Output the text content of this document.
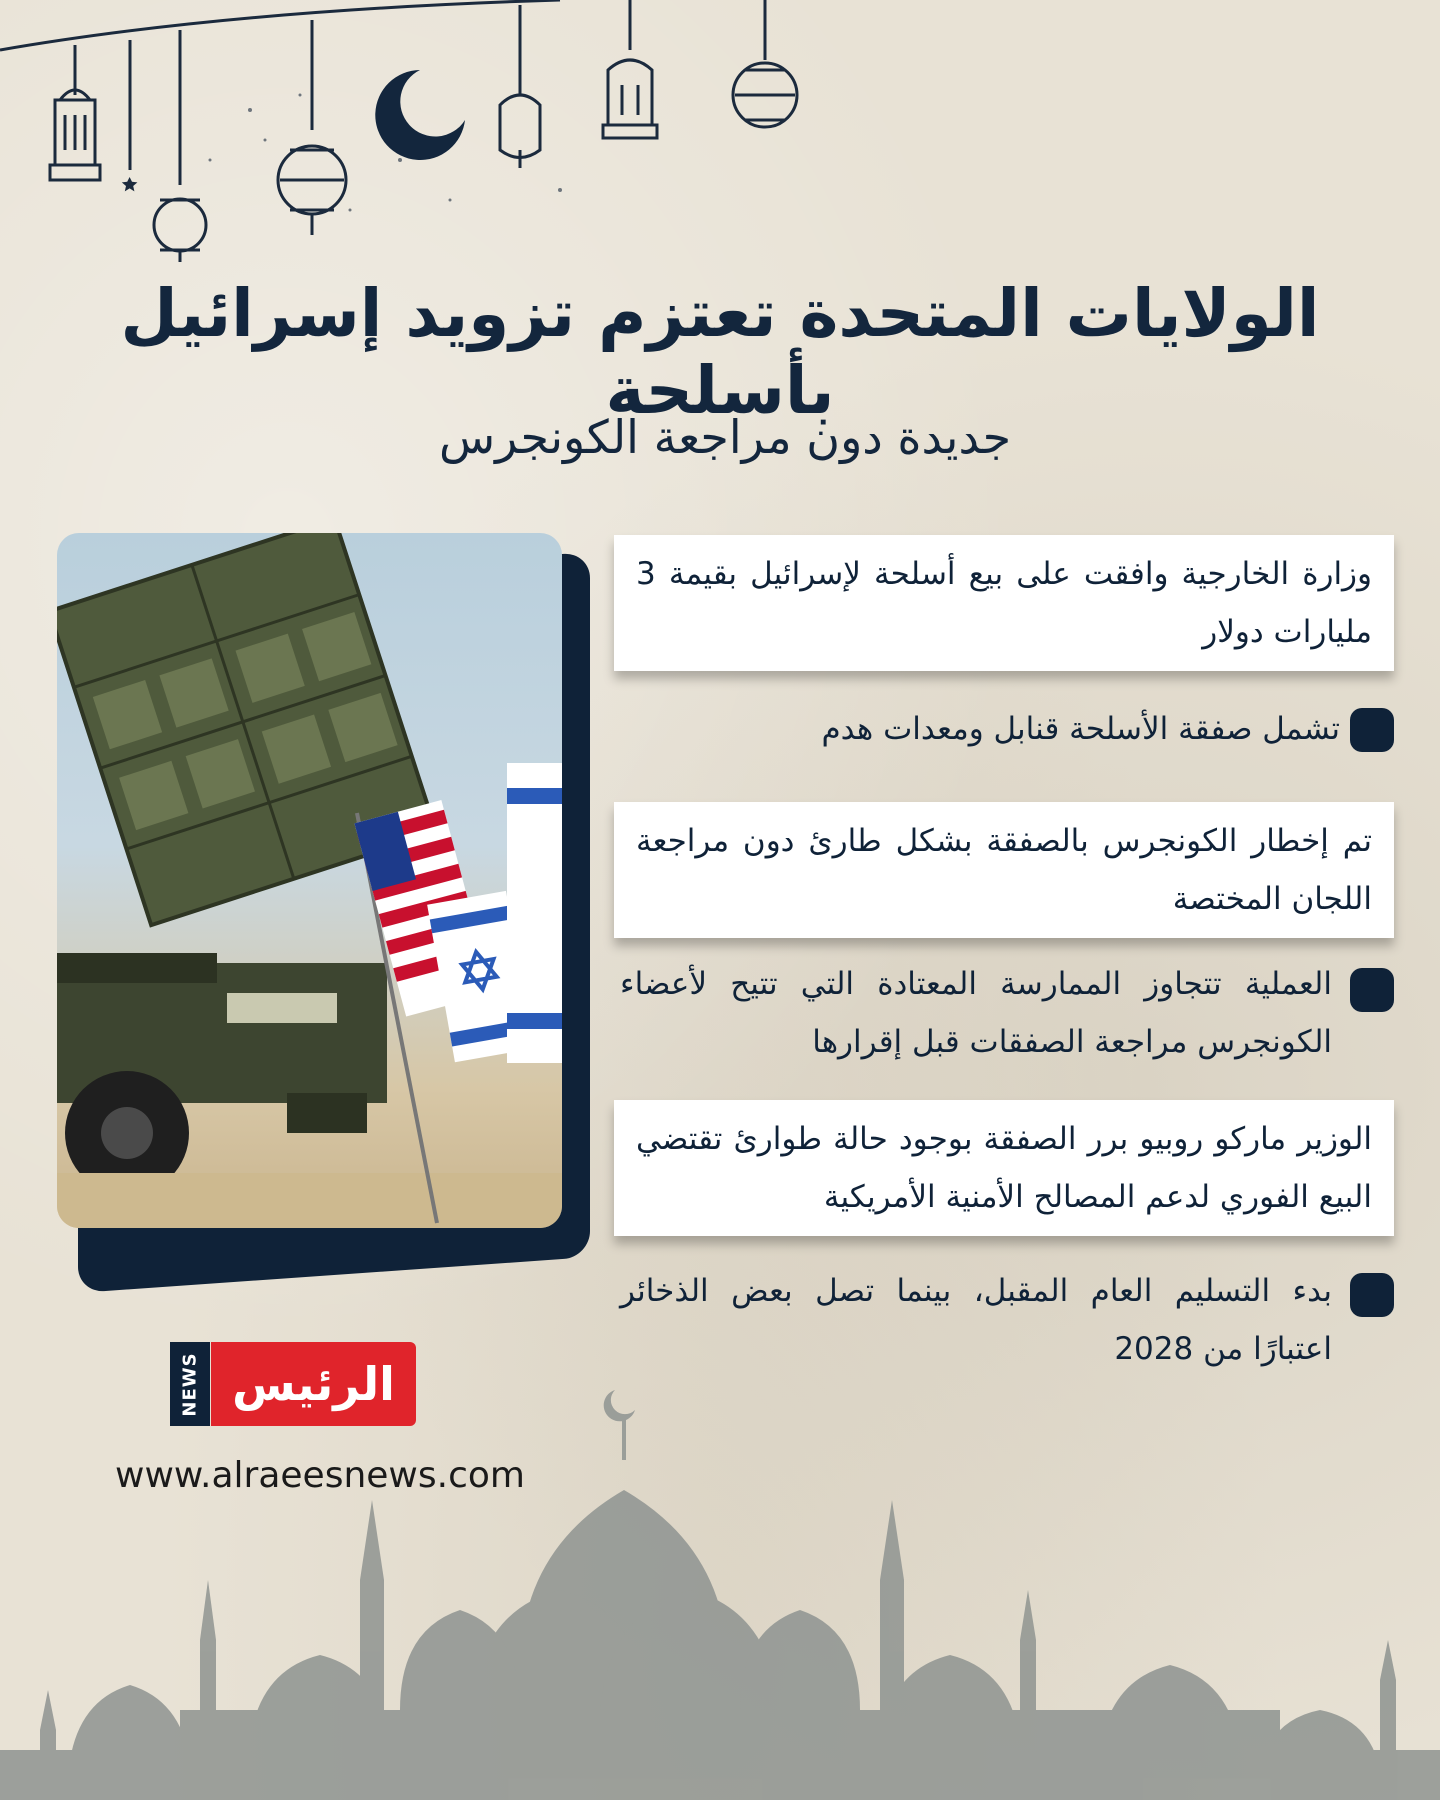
الولايات المتحدة تعتزم تزويد إسرائيل بأسلحة
جديدة دون مراجعة الكونجرس
وزارة الخارجية وافقت على بيع أسلحة لإسرائيل بقيمة 3 مليارات دولار
تشمل صفقة الأسلحة قنابل ومعدات هدم
تم إخطار الكونجرس بالصفقة بشكل طارئ دون مراجعة اللجان المختصة
العملية تتجاوز الممارسة المعتادة التي تتيح لأعضاء الكونجرس مراجعة الصفقات قبل إقرارها
الوزير ماركو روبيو برر الصفقة بوجود حالة طوارئ تقتضي البيع الفوري لدعم المصالح الأمنية الأمريكية
بدء التسليم العام المقبل، بينما تصل بعض الذخائر اعتبارًا من 2028
NEWS الرئيس
www.alraeesnews.com
